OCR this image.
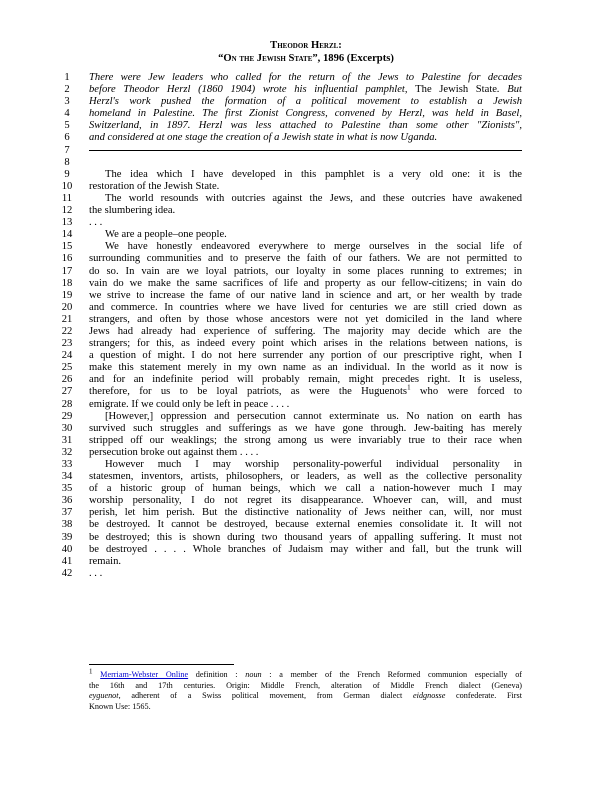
Theodor Herzl:
“On the Jewish State”, 1896 (Excerpts)
1	There were Jew leaders who called for the return of the Jews to Palestine for decades
2	before Theodor Herzl (1860 1904) wrote his influential pamphlet, The Jewish State. But
3	Herzl's work pushed the formation of a political movement to establish a Jewish
4	homeland in Palestine. The first Zionist Congress, convened by Herzl, was held in Basel,
5	Switzerland, in 1897. Herzl was less attached to Palestine than some other "Zionists",
6	and considered at one stage the creation of a Jewish state in what is now Uganda.
7
8
9	The idea which I have developed in this pamphlet is a very old one: it is the
10	restoration of the Jewish State.
11	The world resounds with outcries against the Jews, and these outcries have awakened
12	the slumbering idea.
13	. . .
14	We are a people–one people.
15	We have honestly endeavored everywhere to merge ourselves in the social life of
16	surrounding communities and to preserve the faith of our fathers. We are not permitted to
17	do so. In vain are we loyal patriots, our loyalty in some places running to extremes; in
18	vain do we make the same sacrifices of life and property as our fellow-citizens; in vain do
19	we strive to increase the fame of our native land in science and art, or her wealth by trade
20	and commerce. In countries where we have lived for centuries we are still cried down as
21	strangers, and often by those whose ancestors were not yet domiciled in the land where
22	Jews had already had experience of suffering. The majority may decide which are the
23	strangers; for this, as indeed every point which arises in the relations between nations, is
24	a question of might. I do not here surrender any portion of our prescriptive right, when I
25	make this statement merely in my own name as an individual. In the world as it now is
26	and for an indefinite period will probably remain, might precedes right. It is useless,
27	therefore, for us to be loyal patriots, as were the Huguenots$^1$ who were forced to
28	emigrate. If we could only be left in peace . . . .
29	[However,] oppression and persecution cannot exterminate us. No nation on earth has
30	survived such struggles and sufferings as we have gone through. Jew-baiting has merely
31	stripped off our weaklings; the strong among us were invariably true to their race when
32	persecution broke out against them . . . .
33	However much I may worship personality-powerful individual personality in
34	statesmen, inventors, artists, philosophers, or leaders, as well as the collective personality
35	of a historic group of human beings, which we call a nation-however much I may
36	worship personality, I do not regret its disappearance. Whoever can, will, and must
37	perish, let him perish. But the distinctive nationality of Jews neither can, will, nor must
38	be destroyed. It cannot be destroyed, because external enemies consolidate it. It will not
39	be destroyed; this is shown during two thousand years of appalling suffering. It must not
40	be destroyed . . . . Whole branches of Judaism may wither and fall, but the trunk will
41	remain.
42	. . .
$^1$ Merriam-Webster Online definition : noun : a member of the French Reformed communion especially of
the 16th and 17th centuries. Origin: Middle French, alteration of Middle French dialect (Geneva)
eyguenot, adherent of a Swiss political movement, from German dialect eidgnosse confederate. First
Known Use: 1565.
